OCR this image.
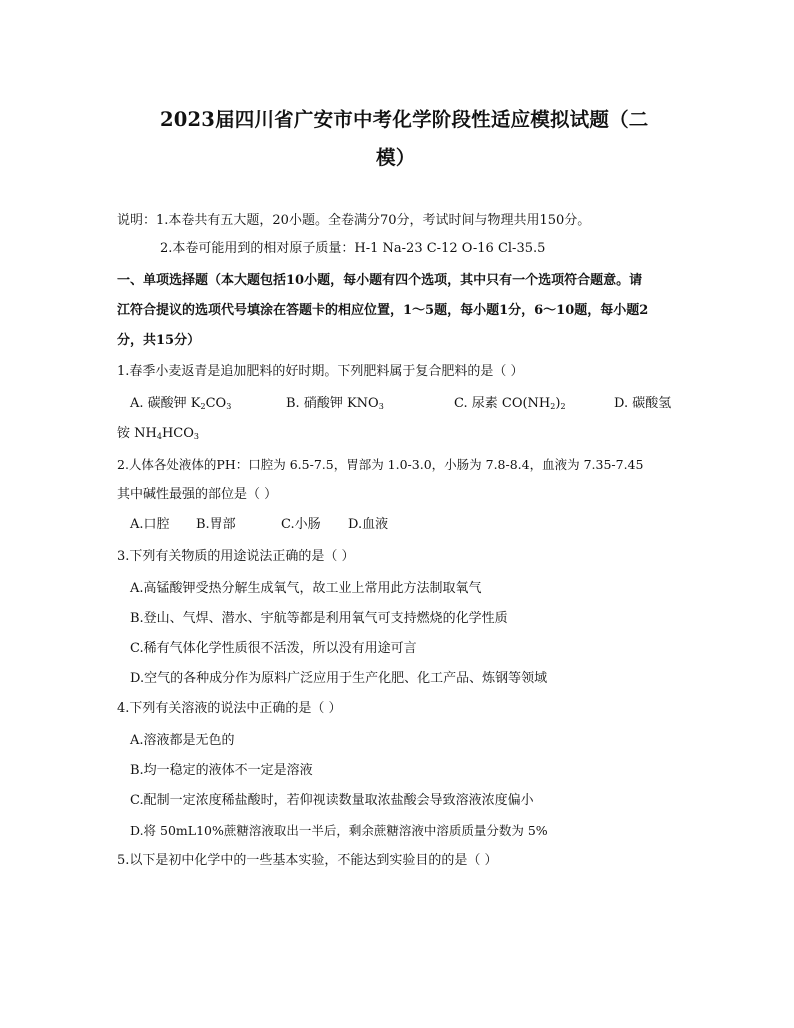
2023届四川省广安市中考化学阶段性适应模拟试题（二
模）
说明：1.本卷共有五大题，20小题。全卷满分70分，考试时间与物理共用150分。
2.本卷可能用到的相对原子质量：H-1 Na-23 C-12 O-16 Cl-35.5
一、单项选择题（本大题包括10小题，每小题有四个选项，其中只有一个选项符合题意。请
江符合提议的选项代号填涂在答题卡的相应位置，1～5题，每小题1分，6～10题，每小题2
分，共15分）
1.春季小麦返青是追加肥料的好时期。下列肥料属于复合肥料的是（ ）
A. 碳酸钾 $K_2CO_3$	B. 硝酸钾 $KNO_3$	C. 尿素 $CO(NH_2)_2$	D. 碳酸氢
铵 $NH_4HCO_3$
2.人体各处液体的PH：口腔为 6.5-7.5，胃部为 1.0-3.0，小肠为 7.8-8.4，血液为 7.35-7.45
其中碱性最强的部位是（ ）
A.口腔 B.胃部	C.小肠 D.血液
3.下列有关物质的用途说法正确的是（ ）
A.高锰酸钾受热分解生成氧气，故工业上常用此方法制取氧气
B.登山、气焊、潜水、宇航等都是利用氧气可支持燃烧的化学性质
C.稀有气体化学性质很不活泼，所以没有用途可言
D.空气的各种成分作为原料广泛应用于生产化肥、化工产品、炼钢等领域
4.下列有关溶液的说法中正确的是（ ）
A.溶液都是无色的
B.均一稳定的液体不一定是溶液
C.配制一定浓度稀盐酸时，若仰视读数量取浓盐酸会导致溶液浓度偏小
D.将 50mL10%蔗糖溶液取出一半后，剩余蔗糖溶液中溶质质量分数为 5%
5.以下是初中化学中的一些基本实验，不能达到实验目的的是（ ）
